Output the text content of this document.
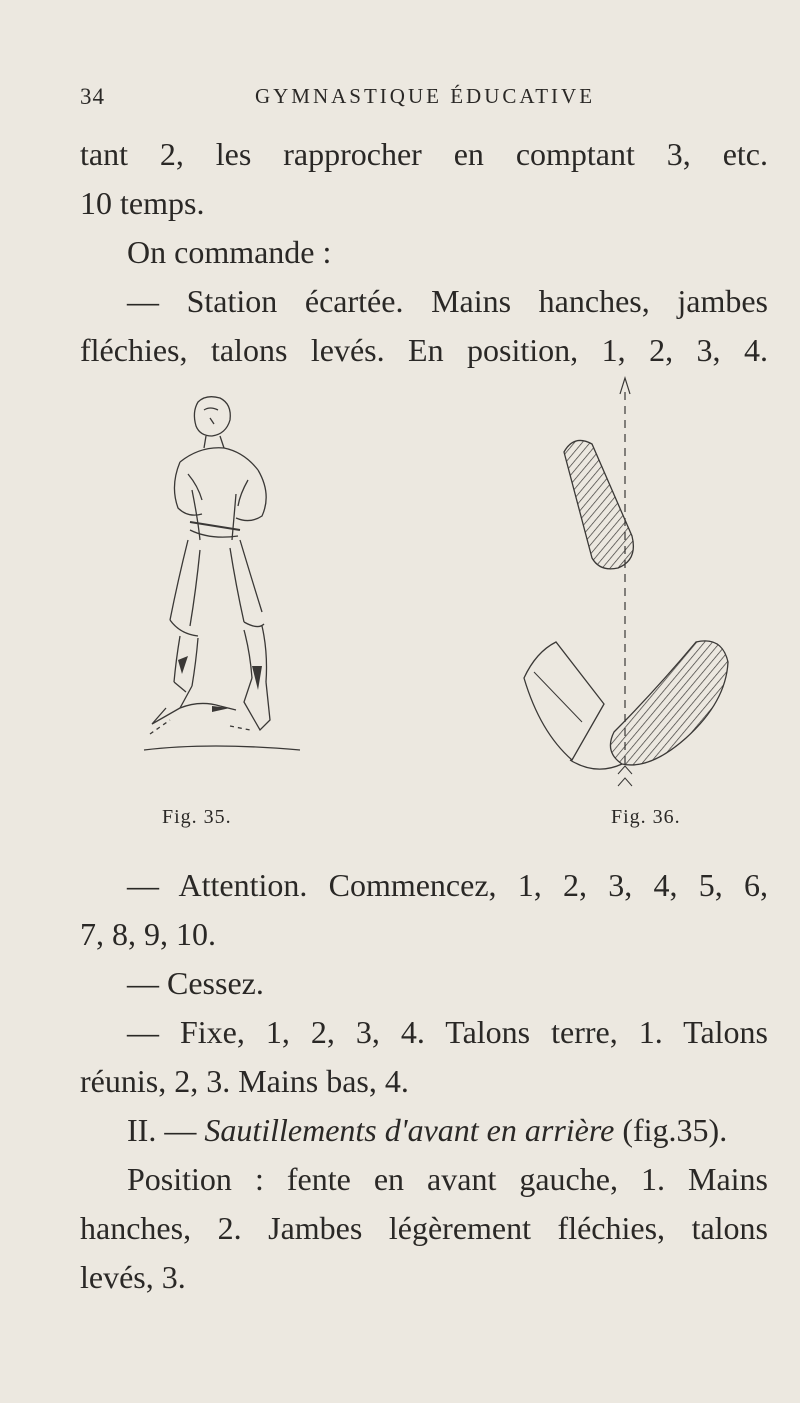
34	GYMNASTIQUE ÉDUCATIVE
tant 2, les rapprocher en comptant 3, etc.
10 temps.
On commande :
— Station écartée. Mains hanches, jambes
fléchies, talons levés. En position, 1, 2, 3, 4.
Fig. 35.	Fig. 36.
— Attention. Commencez, 1, 2, 3, 4, 5, 6,
7, 8, 9, 10.
— Cessez.
— Fixe, 1, 2, 3, 4. Talons terre, 1. Talons
réunis, 2, 3. Mains bas, 4.
II. — Sautillements d'avant en arrière (fig.35).
Position : fente en avant gauche, 1. Mains
hanches, 2. Jambes légèrement fléchies, talons
levés, 3.
